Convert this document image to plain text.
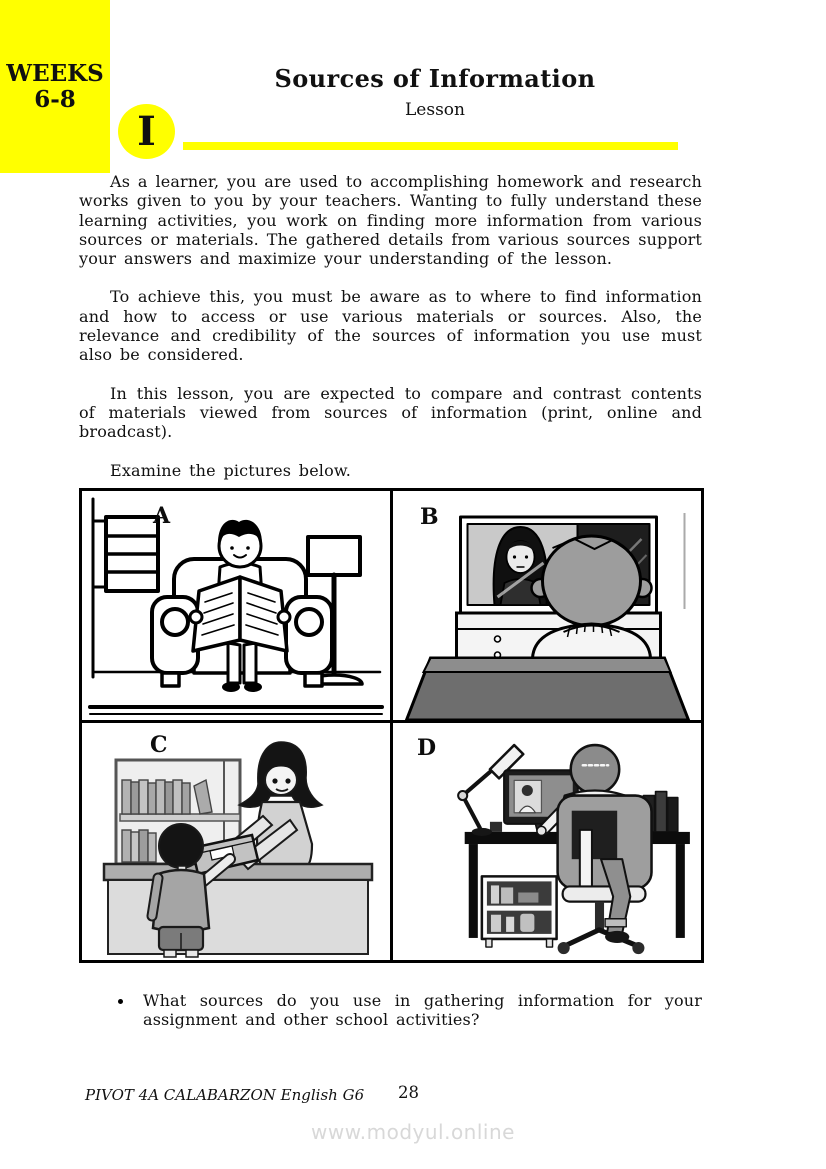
WEEKS
6-8
Sources of Information
Lesson
I

As a learner, you are used to accomplishing homework and research works given to you by your teachers. Wanting to fully understand these learning activities, you work on finding more information from various sources or materials. The gathered details from various sources support your answers and maximize your understanding of the lesson.

To achieve this, you must be aware as to where to find information and how to access or use various materials or sources. Also, the relevance and credibility of the sources of information you use must also be considered.

In this lesson, you are expected to compare and contrast contents of materials viewed from sources of information (print, online and broadcast).

Examine the pictures below.

A	B
C	D
What sources do you use in gathering information for your assignment and other school activities?
PIVOT 4A CALABARZON English G6 28
www.modyul.online
